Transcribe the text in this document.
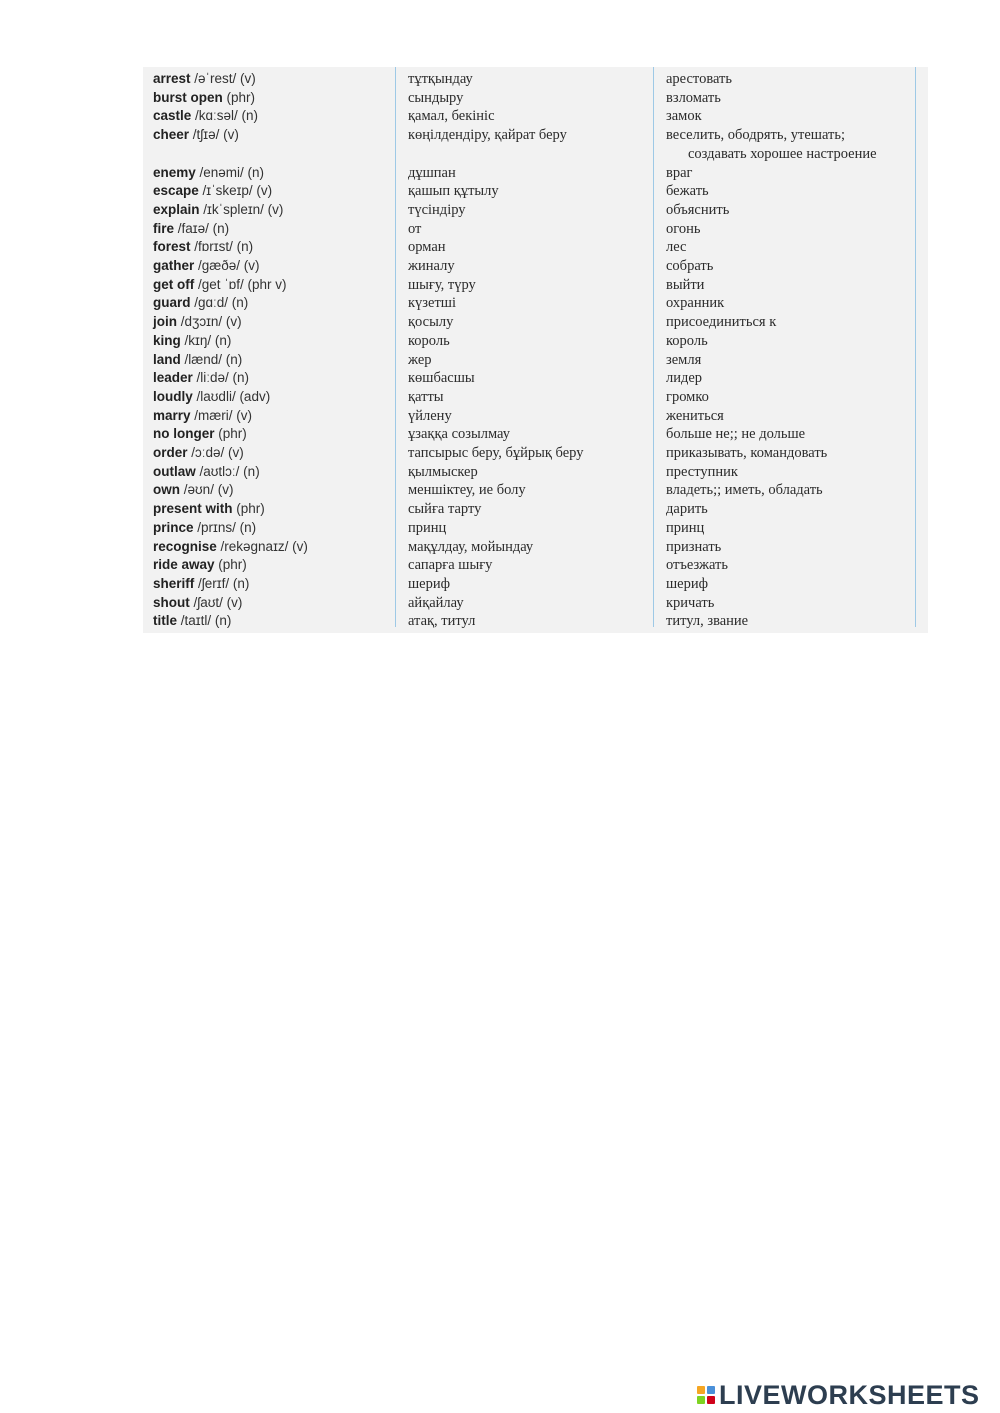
arrest /əˈrest/ (v)	тұтқындау	арестовать
burst open (phr)	сындыру	взломать
castle /kɑːsəl/ (n)	қамал, бекініс	замок
cheer /tʃɪə/ (v)	көңілдендіру, қайрат беру	веселить, ободрять, утешать;
создавать хорошее настроение
enemy /enəmi/ (n)	дұшпан	враг
escape /ɪˈskeɪp/ (v)	қашып құтылу	бежать
explain /ɪkˈspleɪn/ (v)	түсіндіру	объяснить
fire /faɪə/ (n)	от	огонь
forest /fɒrɪst/ (n)	орман	лес
gather /gæðə/ (v)	жиналу	собрать
get off /get ˈɒf/ (phr v)	шығу, түру	выйти
guard /gɑːd/ (n)	күзетші	охранник
join /dʒɔɪn/ (v)	қосылу	присоединиться к
king /kɪŋ/ (n)	король	король
land /lænd/ (n)	жер	земля
leader /liːdə/ (n)	көшбасшы	лидер
loudly /laʊdli/ (adv)	қатты	громко
marry /mæri/ (v)	үйлену	жениться
no longer (phr)	ұзаққа созылмау	больше не;; не дольше
order /ɔːdə/ (v)	тапсырыс беру, бұйрық беру	приказывать, командовать
outlaw /aʊtlɔː/ (n)	қылмыскер	преступник
own /əʊn/ (v)	меншіктеу, ие болу	владеть;; иметь, обладать
present with (phr)	сыйға тарту	дарить
prince /prɪns/ (n)	принц	принц
recognise /rekəgnaɪz/ (v)	мақұлдау, мойындау	признать
ride away (phr)	сапарға шығу	отъезжать
sheriff /ʃerɪf/ (n)	шериф	шериф
shout /ʃaʊt/ (v)	айқайлау	кричать
title /taɪtl/ (n)	атақ, титул	титул, звание
LIVEWORKSHEETS
